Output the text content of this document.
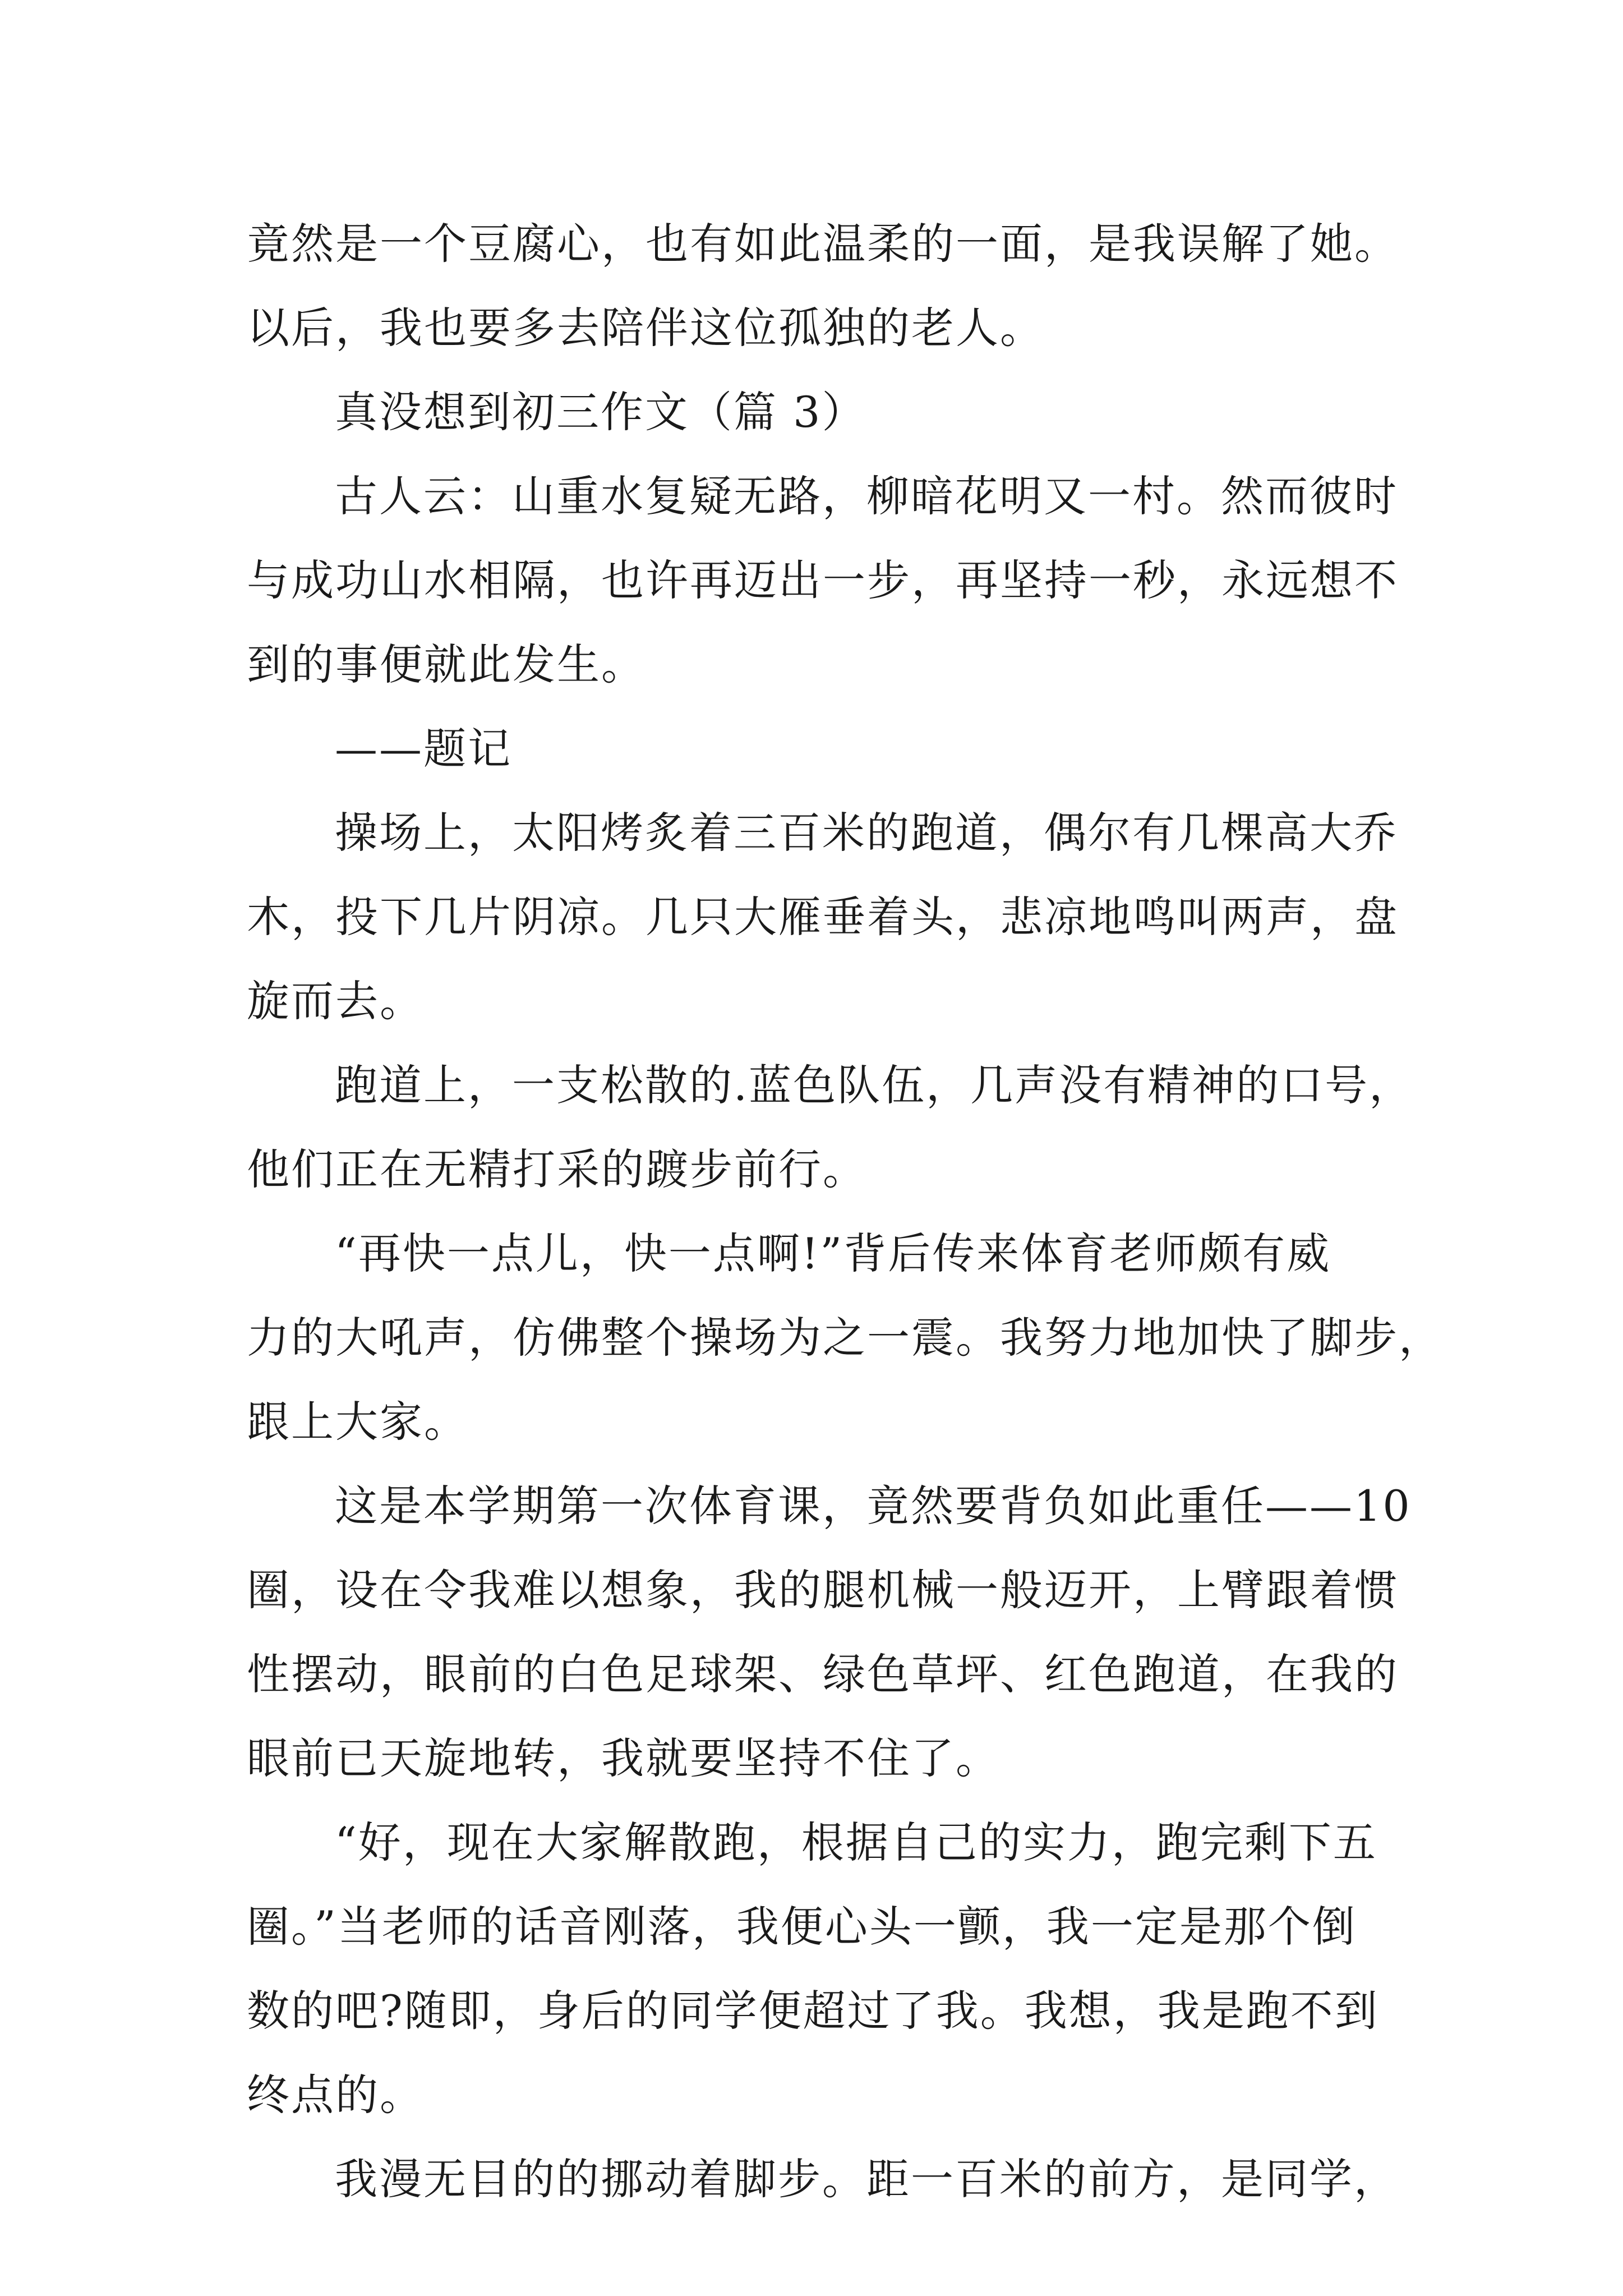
竟然是一个豆腐心，也有如此温柔的一面，是我误解了她。
以后，我也要多去陪伴这位孤独的老人。
真没想到初三作文（篇 3）
古人云：山重水复疑无路，柳暗花明又一村。然而彼时
与成功山水相隔，也许再迈出一步，再坚持一秒，永远想不
到的事便就此发生。
——题记
操场上，太阳烤炙着三百米的跑道，偶尔有几棵高大乔
木，投下几片阴凉。几只大雁垂着头，悲凉地鸣叫两声，盘
旋而去。
跑道上，一支松散的.蓝色队伍，几声没有精神的口号，
他们正在无精打采的踱步前行。
“再快一点儿，快一点啊!”背后传来体育老师颇有威
力的大吼声，仿佛整个操场为之一震。我努力地加快了脚步，
跟上大家。
这是本学期第一次体育课，竟然要背负如此重任——10
圈，设在令我难以想象，我的腿机械一般迈开，上臂跟着惯
性摆动，眼前的白色足球架、绿色草坪、红色跑道，在我的
眼前已天旋地转，我就要坚持不住了。
“好，现在大家解散跑，根据自己的实力，跑完剩下五
圈。”当老师的话音刚落，我便心头一颤，我一定是那个倒
数的吧?随即，身后的同学便超过了我。我想，我是跑不到
终点的。
我漫无目的的挪动着脚步。距一百米的前方，是同学，
